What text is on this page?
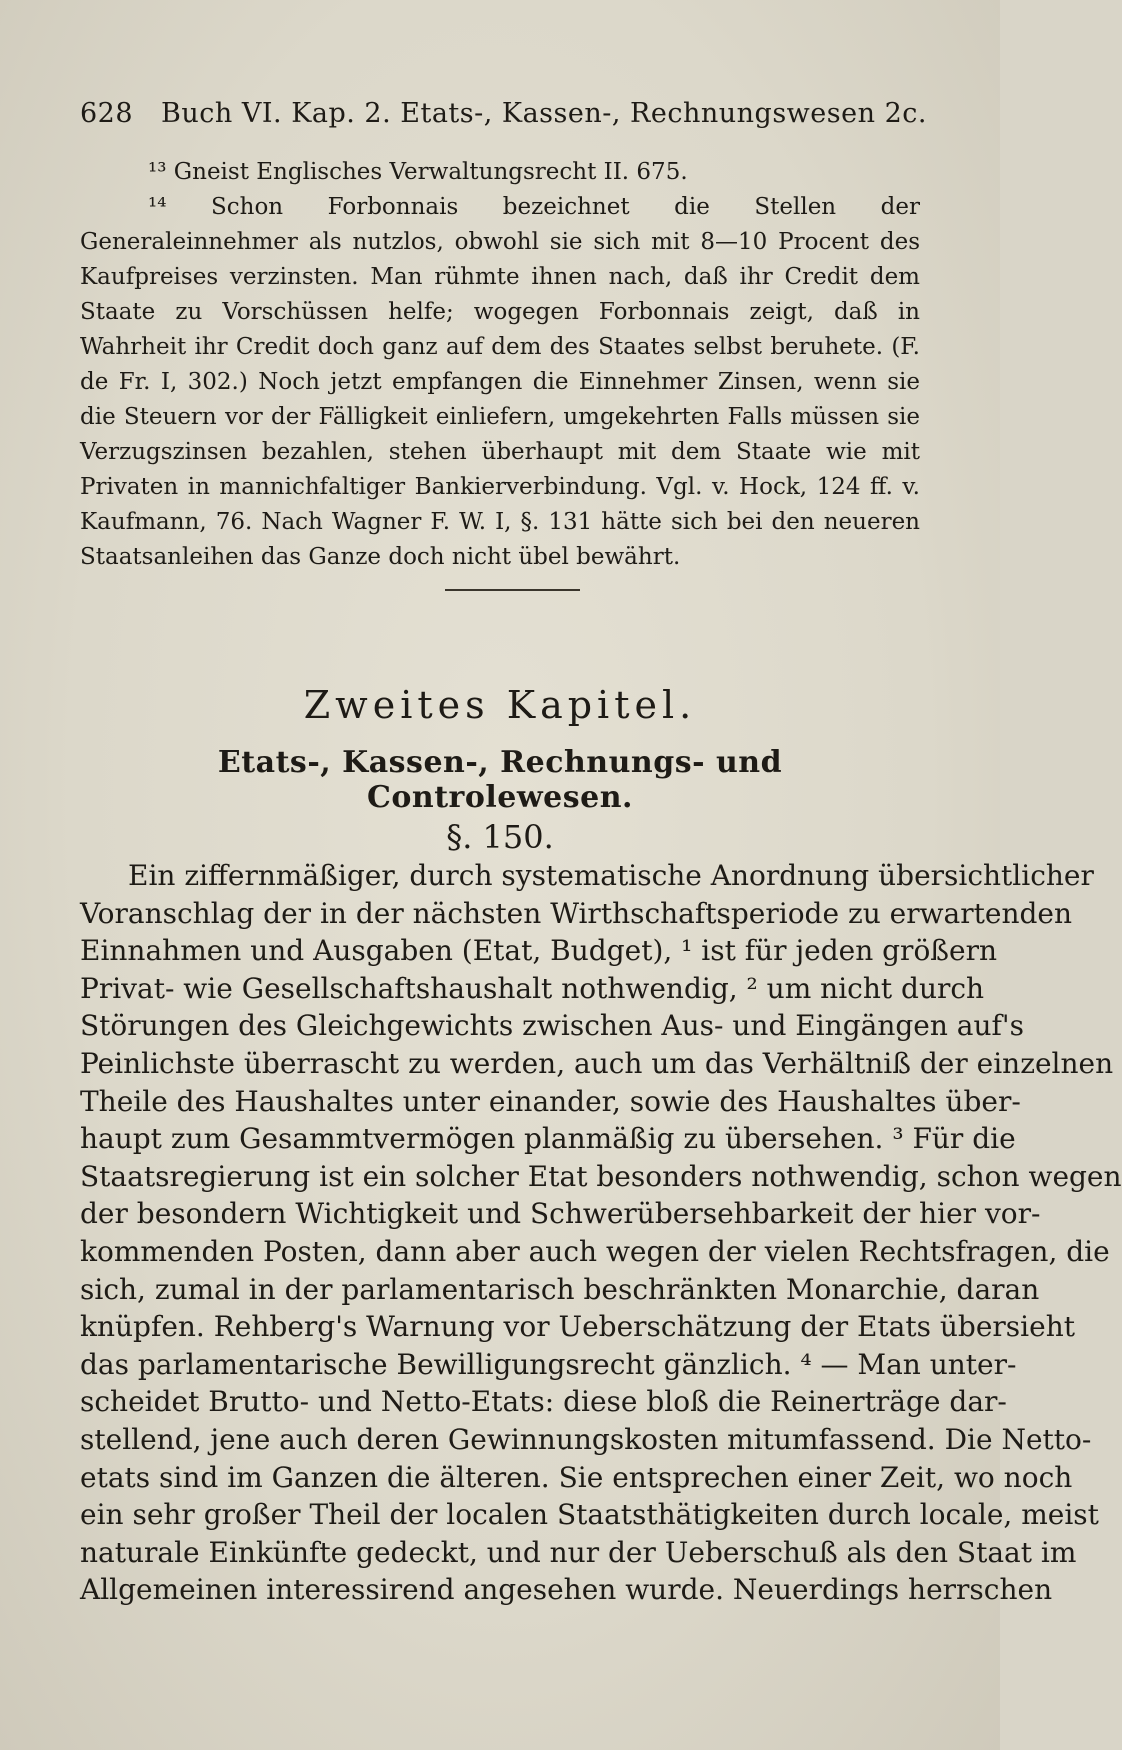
628 Buch VI. Kap. 2. Etats-, Kassen-, Rechnungswesen 2c.

¹³ Gneist Englisches Verwaltungsrecht II. 675.

¹⁴ Schon Forbonnais bezeichnet die Stellen der Generaleinnehmer als nutzlos, obwohl sie sich mit 8—10 Procent des Kaufpreises verzinsten. Man rühmte ihnen nach, daß ihr Credit dem Staate zu Vorschüssen helfe; wogegen Forbonnais zeigt, daß in Wahrheit ihr Credit doch ganz auf dem des Staates selbst beruhete. (F. de Fr. I, 302.) Noch jetzt empfangen die Einnehmer Zinsen, wenn sie die Steuern vor der Fälligkeit einliefern, umgekehrten Falls müssen sie Verzugszinsen bezahlen, stehen überhaupt mit dem Staate wie mit Privaten in mannichfaltiger Bankierverbindung. Vgl. v. Hock, 124 ff. v. Kaufmann, 76. Nach Wagner F. W. I, §. 131 hätte sich bei den neueren Staatsanleihen das Ganze doch nicht übel bewährt.

Zweites Kapitel.
Etats-, Kassen-, Rechnungs- und Controlewesen.
§. 150.
Ein ziffernmäßiger, durch systematische Anordnung übersichtlicher
Voranschlag der in der nächsten Wirthschaftsperiode zu erwartenden
Einnahmen und Ausgaben (Etat, Budget), ¹ ist für jeden größern
Privat- wie Gesellschaftshaushalt nothwendig, ² um nicht durch
Störungen des Gleichgewichts zwischen Aus- und Eingängen auf's
Peinlichste überrascht zu werden, auch um das Verhältniß der einzelnen
Theile des Haushaltes unter einander, sowie des Haushaltes über-
haupt zum Gesammtvermögen planmäßig zu übersehen. ³ Für die
Staatsregierung ist ein solcher Etat besonders nothwendig, schon wegen
der besondern Wichtigkeit und Schwerübersehbarkeit der hier vor-
kommenden Posten, dann aber auch wegen der vielen Rechtsfragen, die
sich, zumal in der parlamentarisch beschränkten Monarchie, daran
knüpfen. Rehberg's Warnung vor Ueberschätzung der Etats übersieht
das parlamentarische Bewilligungsrecht gänzlich. ⁴ — Man unter-
scheidet Brutto- und Netto-Etats: diese bloß die Reinerträge dar-
stellend, jene auch deren Gewinnungskosten mitumfassend. Die Netto-
etats sind im Ganzen die älteren. Sie entsprechen einer Zeit, wo noch
ein sehr großer Theil der localen Staatsthätigkeiten durch locale, meist
naturale Einkünfte gedeckt, und nur der Ueberschuß als den Staat im
Allgemeinen interessirend angesehen wurde. Neuerdings herrschen
